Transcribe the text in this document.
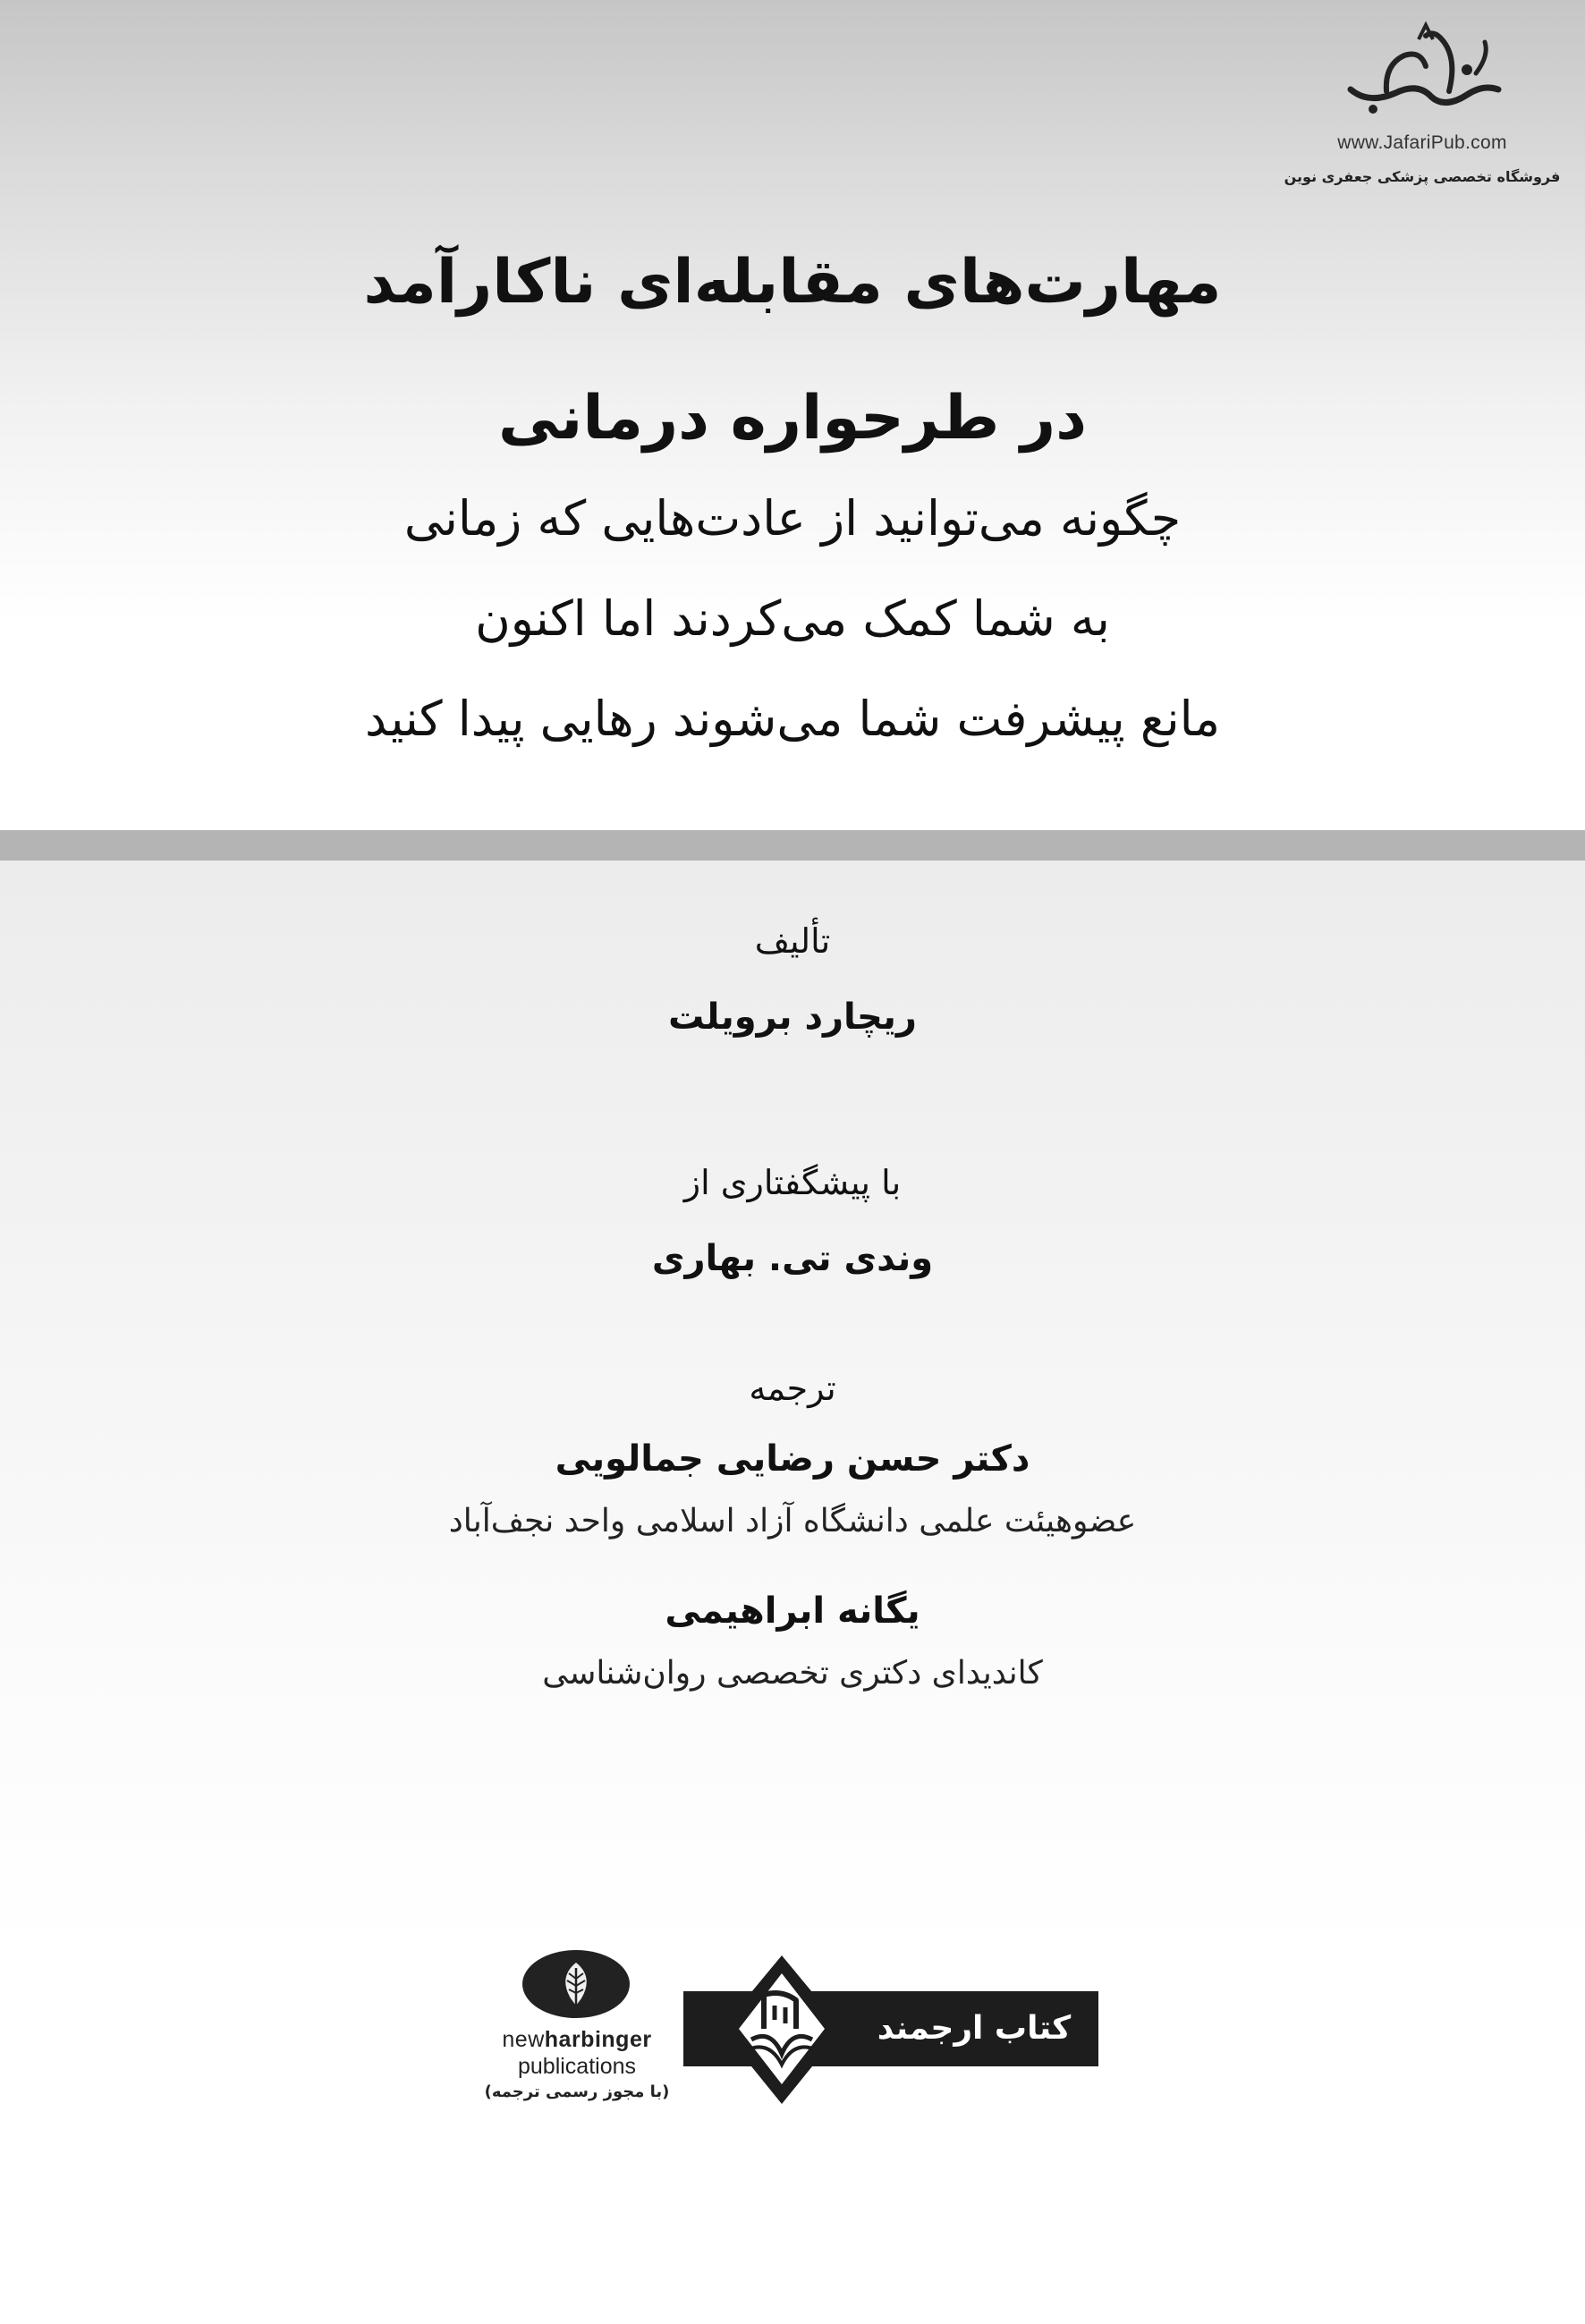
www.JafariPub.com
فروشگاه تخصصی پزشکی جعفری نوین
مهارت‌های مقابله‌ای ناکارآمد
در طرحواره درمانی
چگونه می‌توانید از عادت‌هایی که زمانی
به شما کمک می‌کردند اما اکنون
مانع پیشرفت شما می‌شوند رهایی پیدا کنید
تألیف
ریچارد برویلت
با پیشگفتاری از
وندی تی. بهاری
ترجمه
دکتر حسن رضایی جمالویی
عضوهیئت علمی دانشگاه آزاد اسلامی واحد نجف‌آباد
یگانه ابراهیمی
کاندیدای دکتری تخصصی روان‌شناسی
newharbinger
publications
(با مجوز رسمی ترجمه)
کتاب ارجمند
